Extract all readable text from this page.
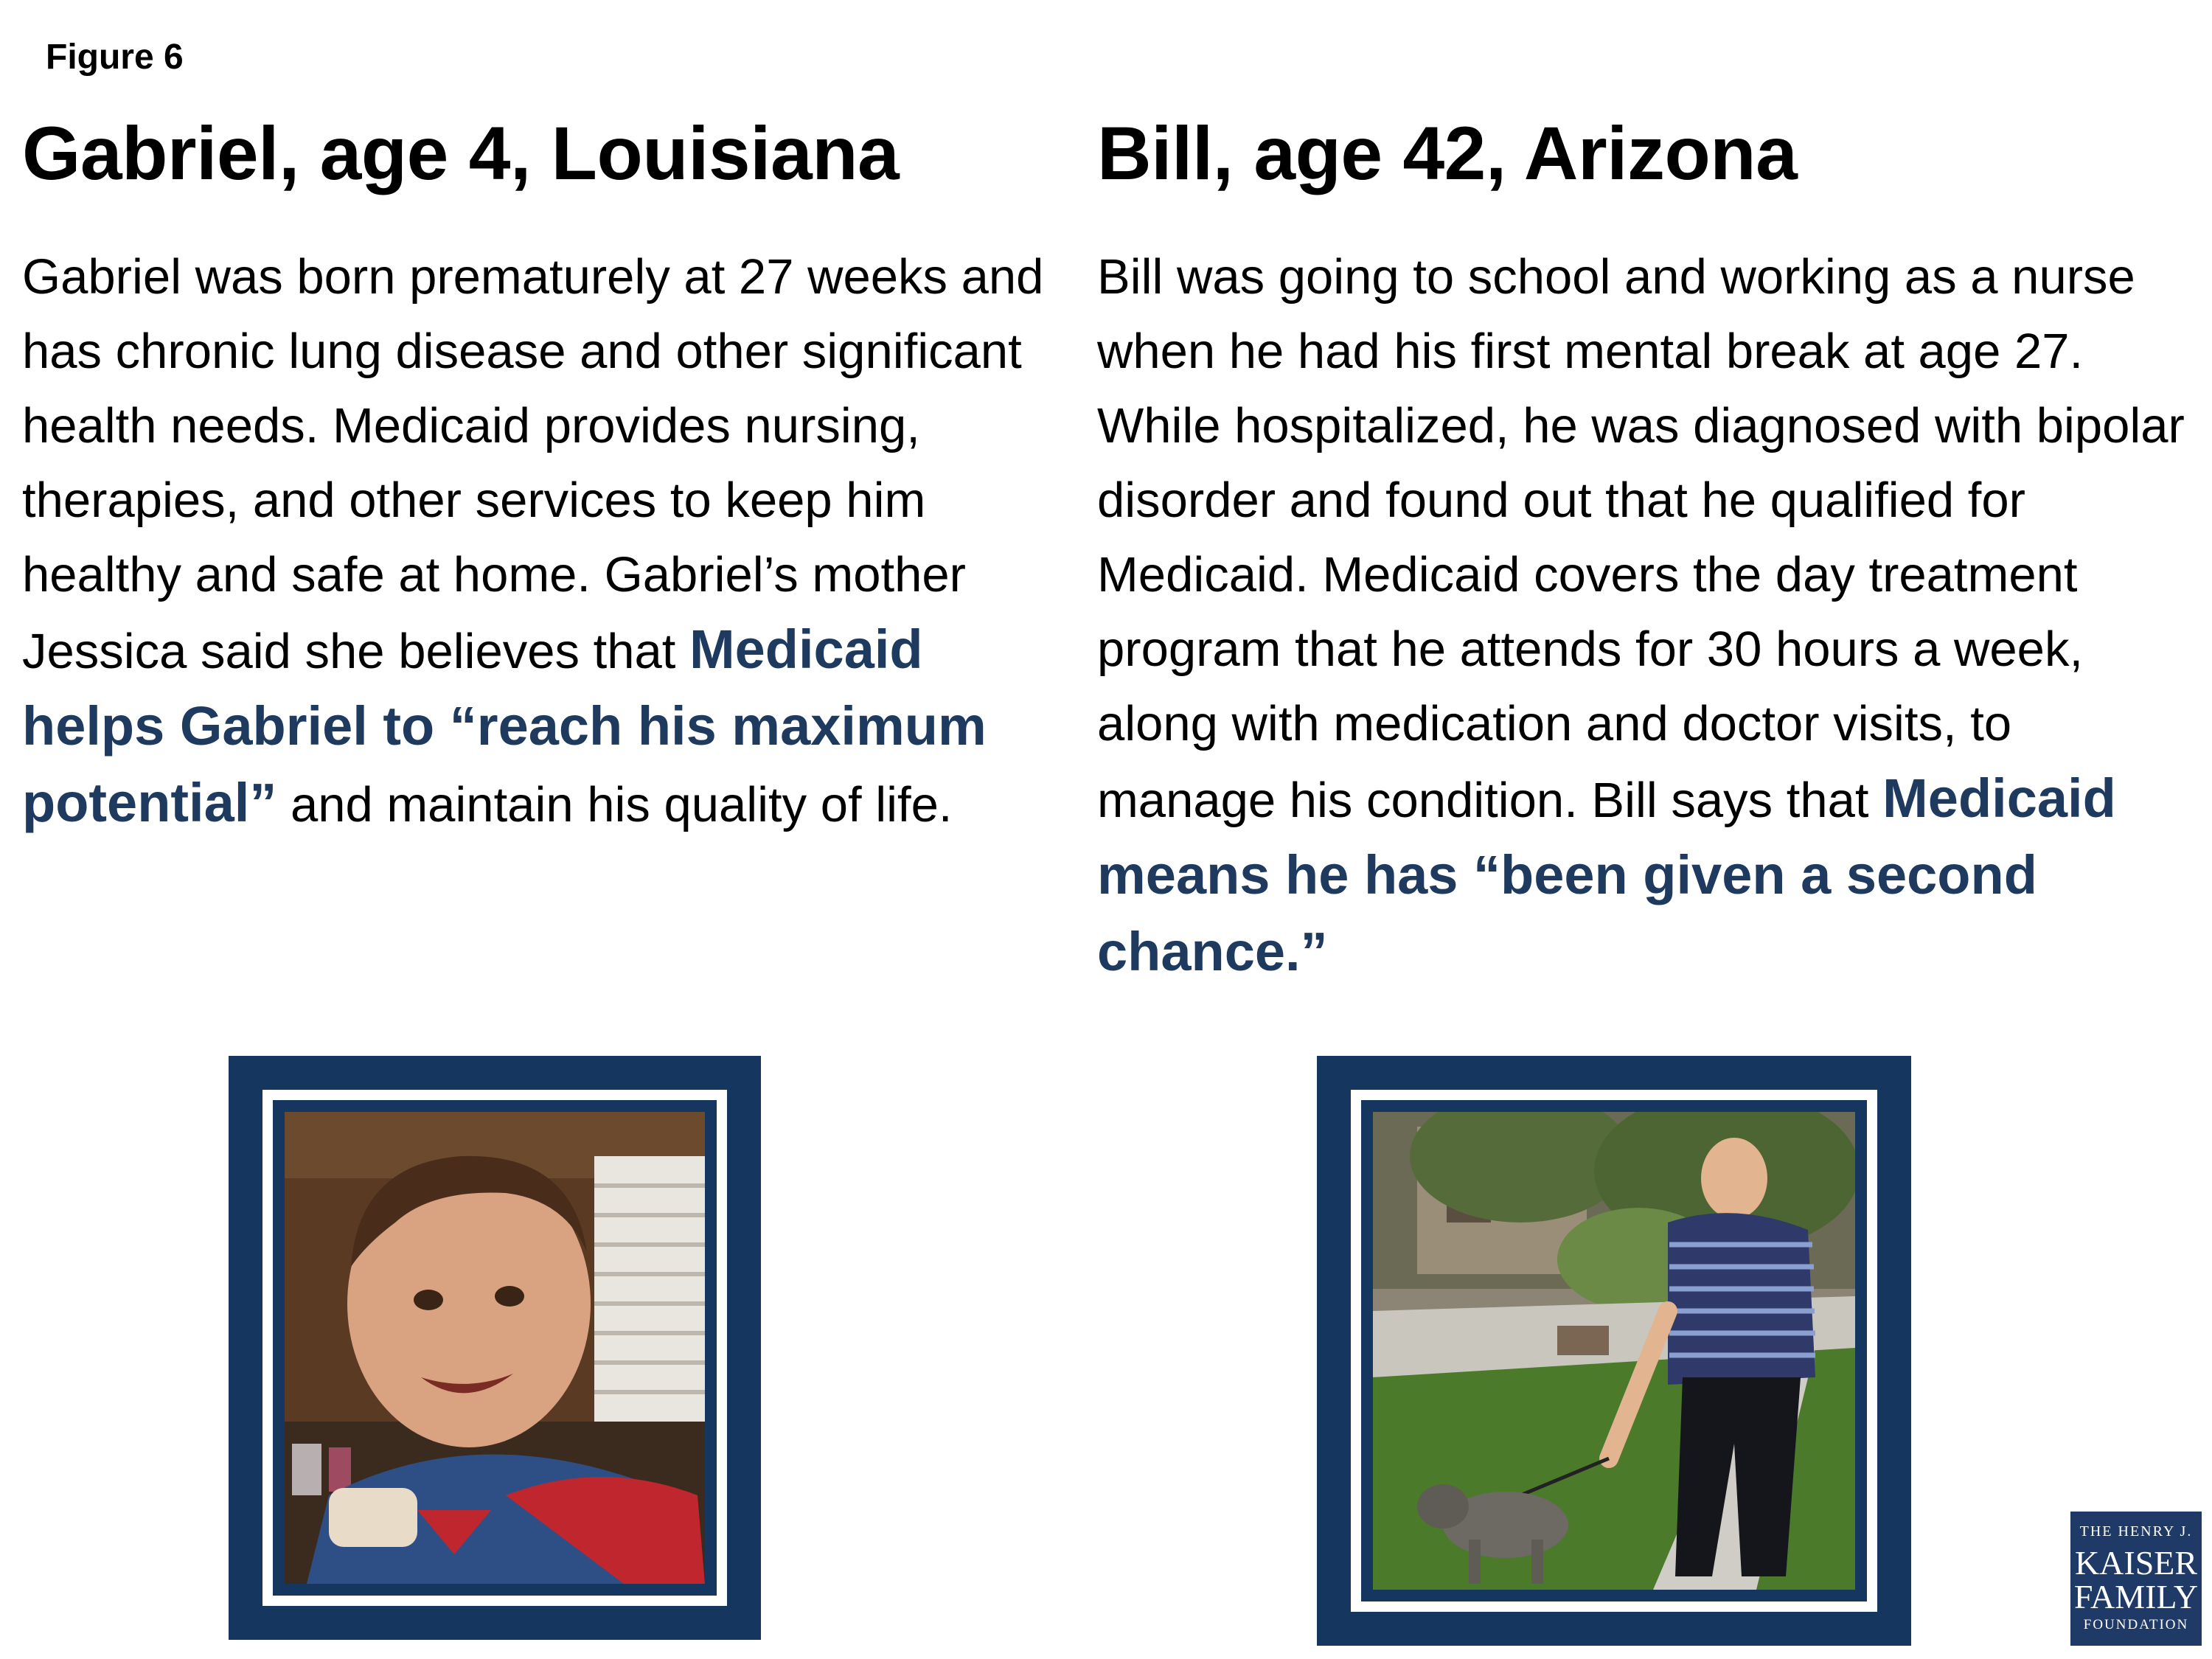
Figure 6
Gabriel, age 4, Louisiana
Gabriel was born prematurely at 27 weeks and has chronic lung disease and other significant health needs. Medicaid provides nursing, therapies, and other services to keep him healthy and safe at home. Gabriel’s mother Jessica said she believes that Medicaid helps Gabriel to “reach his maximum potential” and maintain his quality of life.
Bill, age 42, Arizona
Bill was going to school and working as a nurse when he had his first mental break at age 27. While hospitalized, he was diagnosed with bipolar disorder and found out that he qualified for Medicaid. Medicaid covers the day treatment program that he attends for 30 hours a week, along with medication and doctor visits, to manage his condition. Bill says that Medicaid means he has “been given a second chance.”
THE HENRY J.
KAISER
FAMILY
FOUNDATION
